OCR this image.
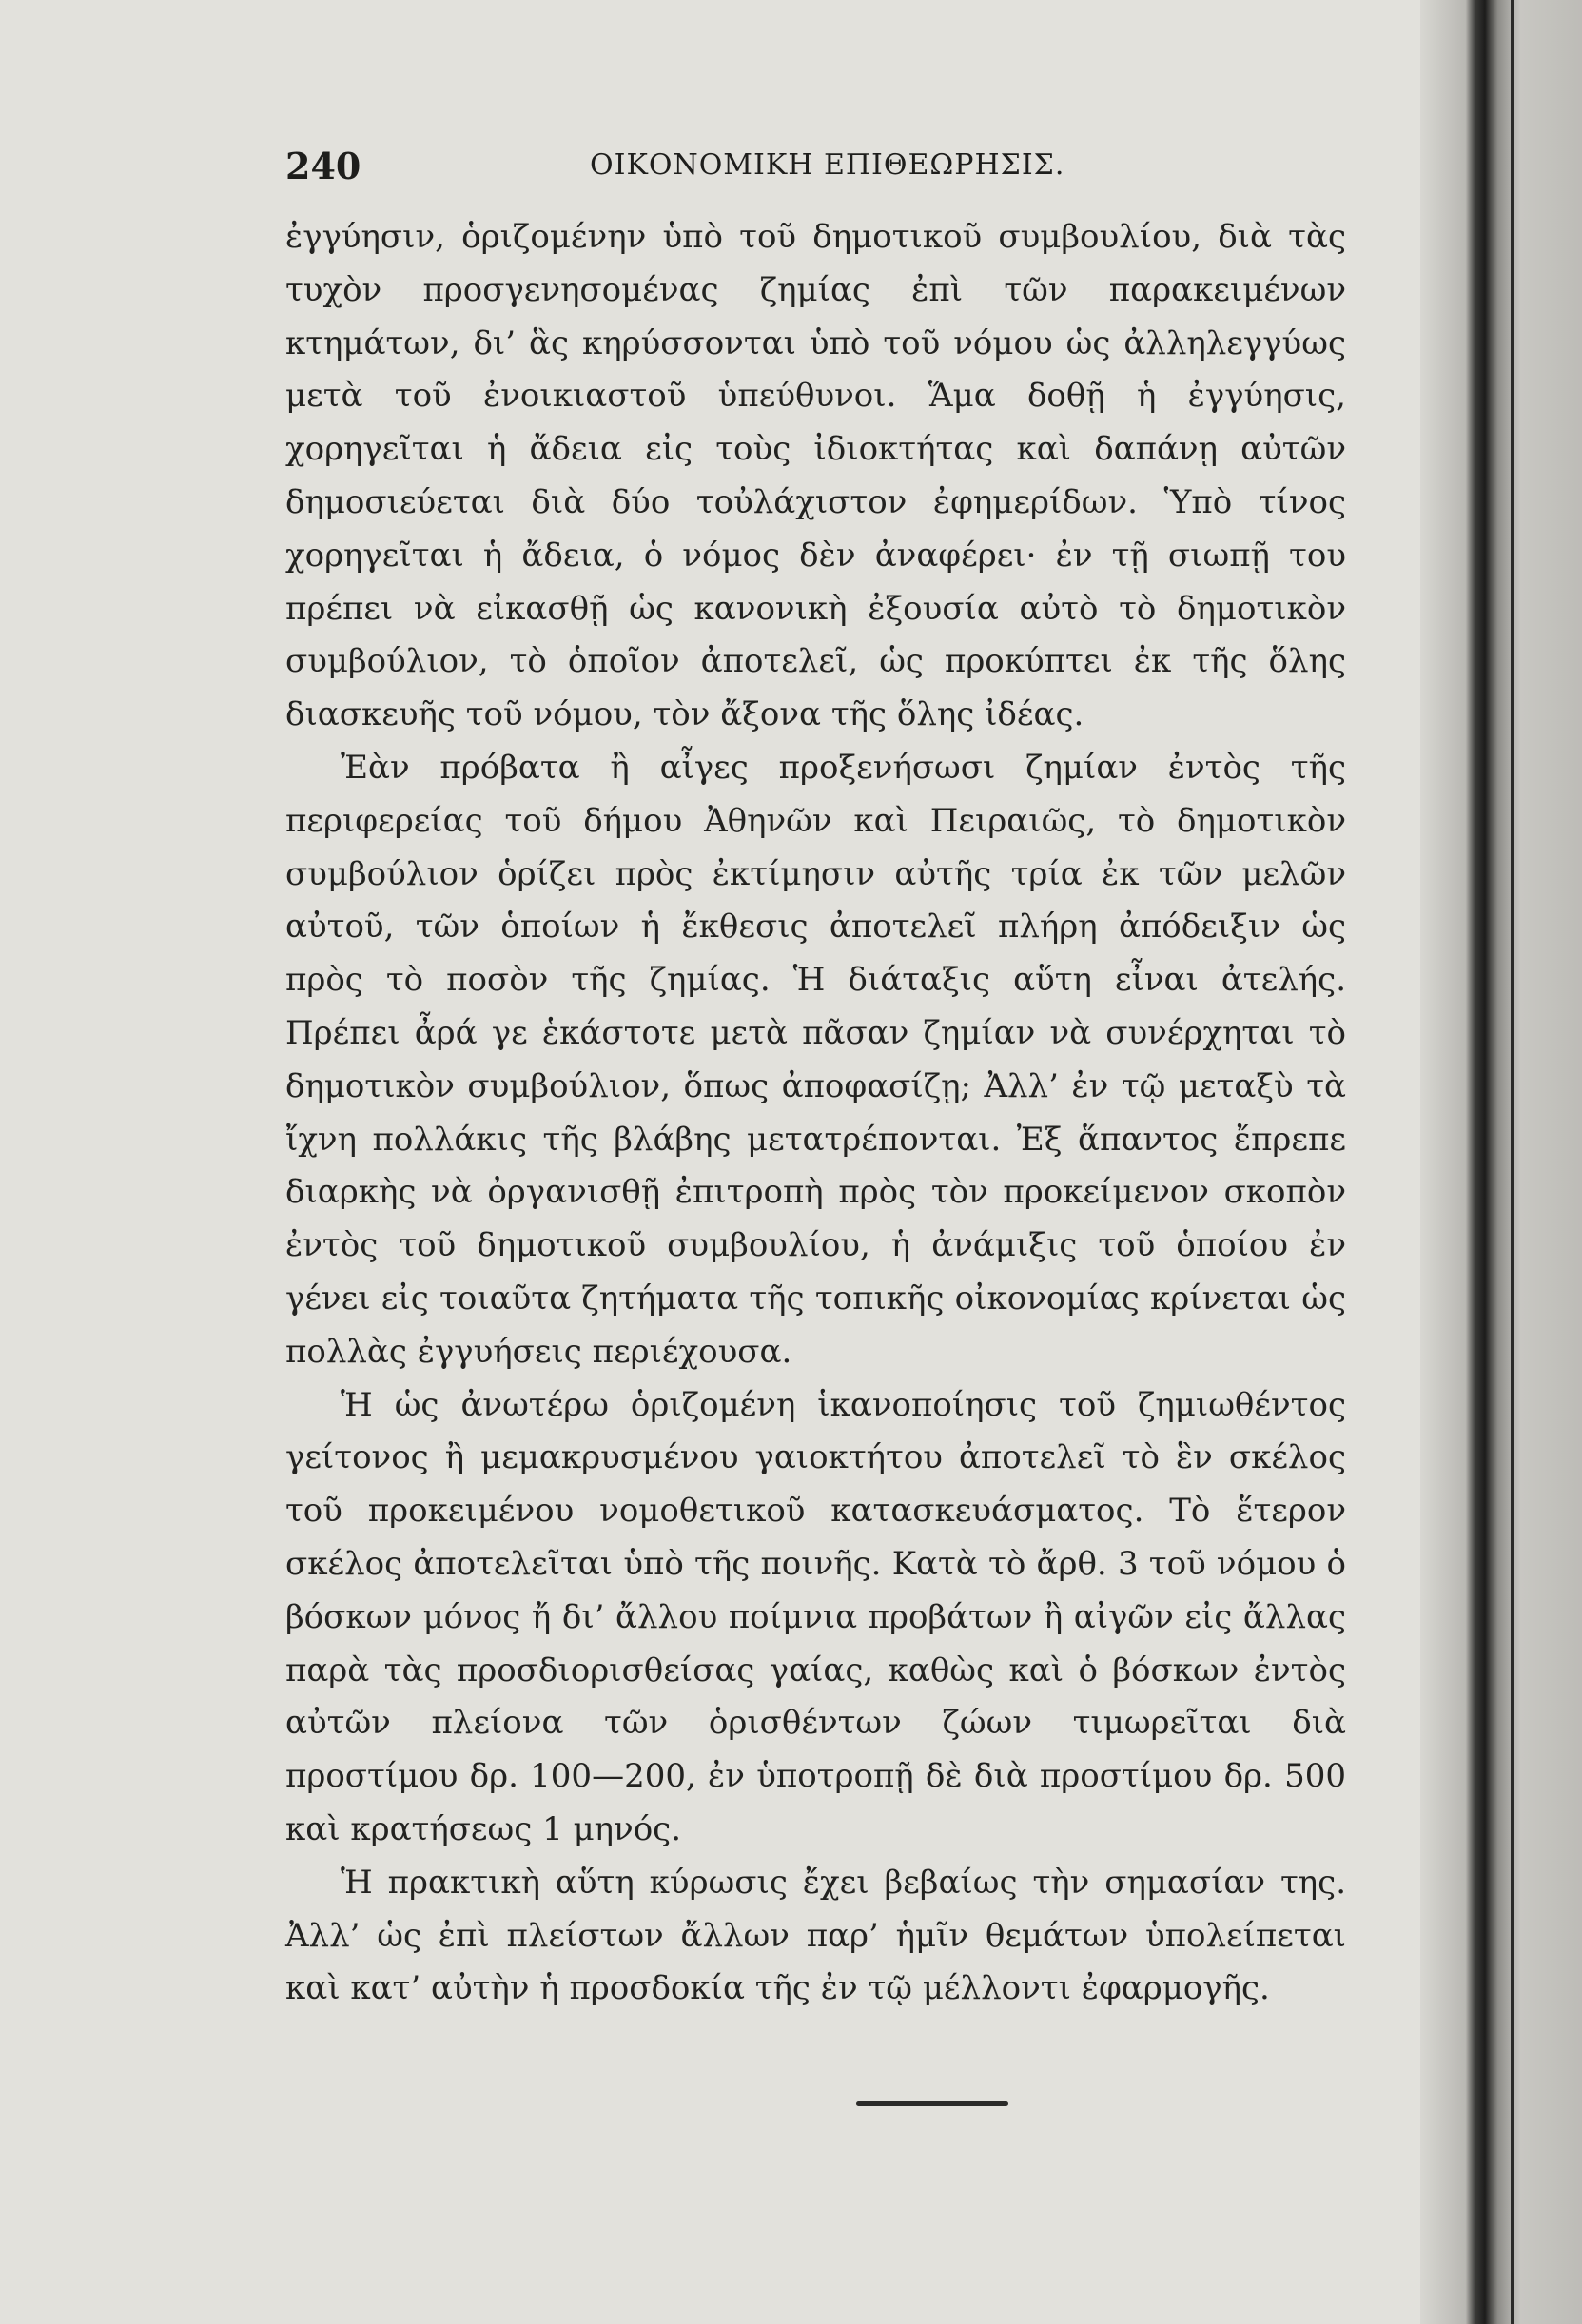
240	ΟΙΚΟΝΟΜΙΚΗ ΕΠΙΘΕΩΡΗΣΙΣ.

ἐγγύησιν, ὁριζομένην ὑπὸ τοῦ δημοτικοῦ συμβουλίου, διὰ τὰς τυχὸν προσγενησομένας ζημίας ἐπὶ τῶν παρακειμένων κτημάτων, δι’ ἃς κηρύσσονται ὑπὸ τοῦ νόμου ὡς ἀλληλεγγύως μετὰ τοῦ ἐνοικιαστοῦ ὑπεύθυνοι. Ἅμα δοθῇ ἡ ἐγγύησις, χορηγεῖται ἡ ἄδεια εἰς τοὺς ἰδιοκτήτας καὶ δαπάνῃ αὐτῶν δημοσιεύεται διὰ δύο τοὐλάχιστον ἐφημερίδων. Ὑπὸ τίνος χορηγεῖται ἡ ἄδεια, ὁ νόμος δὲν ἀναφέρει· ἐν τῇ σιωπῇ του πρέπει νὰ εἰκασθῇ ὡς κανονικὴ ἐξουσία αὐτὸ τὸ δημοτικὸν συμβούλιον, τὸ ὁποῖον ἀποτελεῖ, ὡς προκύπτει ἐκ τῆς ὅλης διασκευῆς τοῦ νόμου, τὸν ἄξονα τῆς ὅλης ἰδέας.

Ἐὰν πρόβατα ἢ αἶγες προξενήσωσι ζημίαν ἐντὸς τῆς περιφερείας τοῦ δήμου Ἀθηνῶν καὶ Πειραιῶς, τὸ δημοτικὸν συμβούλιον ὁρίζει πρὸς ἐκτίμησιν αὐτῆς τρία ἐκ τῶν μελῶν αὐτοῦ, τῶν ὁποίων ἡ ἔκθεσις ἀποτελεῖ πλήρη ἀπόδειξιν ὡς πρὸς τὸ ποσὸν τῆς ζημίας. Ἡ διάταξις αὕτη εἶναι ἀτελής. Πρέπει ἆρά γε ἑκάστοτε μετὰ πᾶσαν ζημίαν νὰ συνέρχηται τὸ δημοτικὸν συμβούλιον, ὅπως ἀποφασίζῃ; Ἀλλ’ ἐν τῷ μεταξὺ τὰ ἴχνη πολλάκις τῆς βλάβης μετατρέπονται. Ἐξ ἅπαντος ἔπρεπε διαρκὴς νὰ ὀργανισθῇ ἐπιτροπὴ πρὸς τὸν προκείμενον σκοπὸν ἐντὸς τοῦ δημοτικοῦ συμβουλίου, ἡ ἀνάμιξις τοῦ ὁποίου ἐν γένει εἰς τοιαῦτα ζητήματα τῆς τοπικῆς οἰκονομίας κρίνεται ὡς πολλὰς ἐγγυήσεις περιέχουσα.

Ἡ ὡς ἀνωτέρω ὁριζομένη ἱκανοποίησις τοῦ ζημιωθέντος γείτονος ἢ μεμακρυσμένου γαιοκτήτου ἀποτελεῖ τὸ ἓν σκέλος τοῦ προκειμένου νομοθετικοῦ κατασκευάσματος. Τὸ ἕτερον σκέλος ἀποτελεῖται ὑπὸ τῆς ποινῆς. Κατὰ τὸ ἄρθ. 3 τοῦ νόμου ὁ βόσκων μόνος ἤ δι’ ἄλλου ποίμνια προβάτων ἢ αἰγῶν εἰς ἄλλας παρὰ τὰς προσδιορισθείσας γαίας, καθὼς καὶ ὁ βόσκων ἐντὸς αὐτῶν πλείονα τῶν ὁρισθέντων ζώων τιμωρεῖται διὰ προστίμου δρ. 100—200, ἐν ὑποτροπῇ δὲ διὰ προστίμου δρ. 500 καὶ κρατήσεως 1 μηνός.

Ἡ πρακτικὴ αὕτη κύρωσις ἔχει βεβαίως τὴν σημασίαν της. Ἀλλ’ ὡς ἐπὶ πλείστων ἄλλων παρ’ ἡμῖν θεμάτων ὑπολείπεται καὶ κατ’ αὐτὴν ἡ προσδοκία τῆς ἐν τῷ μέλλοντι ἐφαρμογῆς.
